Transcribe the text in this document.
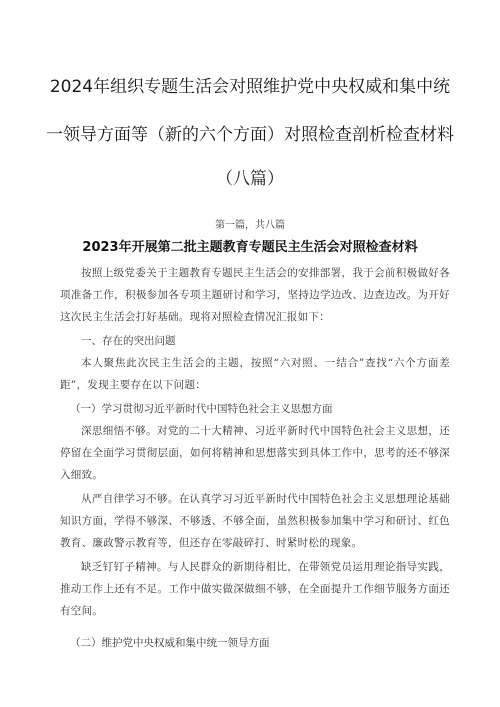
2024年组织专题生活会对照维护党中央权威和集中统
一领导方面等（新的六个方面）对照检查剖析检查材料
（八篇）
第一篇，共八篇
2023年开展第二批主题教育专题民主生活会对照检查材料

按照上级党委关于主题教育专题民主生活会的安排部署，我于会前积极做好各项准备工作，积极参加各专项主题研讨和学习，坚持边学边改、边查边改。为开好这次民主生活会打好基础。现将对照检查情况汇报如下：

一、存在的突出问题

本人聚焦此次民主生活会的主题，按照“六对照、一结合”查找“六个方面差距”，发现主要存在以下问题：

（一）学习贯彻习近平新时代中国特色社会主义思想方面

深思细悟不够。对党的二十大精神、习近平新时代中国特色社会主义思想，还停留在全面学习贯彻层面，如何将精神和思想落实到具体工作中，思考的还不够深入细致。

从严自律学习不够。在认真学习习近平新时代中国特色社会主义思想理论基础知识方面，学得不够深、不够透、不够全面，虽然积极参加集中学习和研讨、红色教育、廉政警示教育等，但还存在零敲碎打、时紧时松的现象。

缺乏钉钉子精神。与人民群众的新期待相比，在带领党员运用理论指导实践，推动工作上还有不足。工作中做实做深做细不够，在全面提升工作细节服务方面还有空间。

（二）维护党中央权威和集中统一领导方面
